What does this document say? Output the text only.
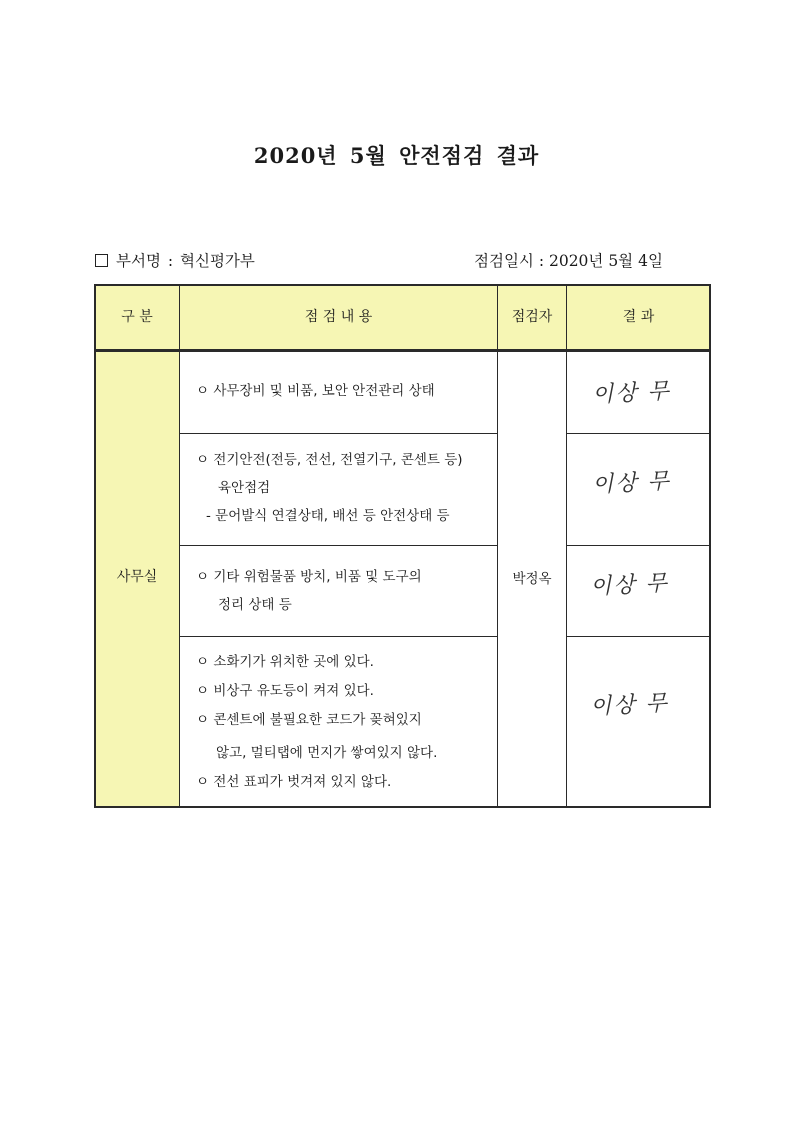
2020년 5월 안전점검 결과
부서명 : 혁신평가부	점검일시 : 2020년 5월 4일
구 분	점 검 내 용	점검자	결 과
사무실	박정옥
ㅇ 사무장비 및 비품, 보안 안전관리 상태	이상 무
ㅇ 전기안전(전등, 전선, 전열기구, 콘센트 등)
육안점검
- 문어발식 연결상태, 배선 등 안전상태 등
이상 무
ㅇ 기타 위험물품 방치, 비품 및 도구의
정리 상태 등
이상 무
ㅇ 소화기가 위치한 곳에 있다.
ㅇ 비상구 유도등이 켜져 있다.
ㅇ 콘센트에 불필요한 코드가 꽂혀있지
않고, 멀티탭에 먼지가 쌓여있지 않다.
ㅇ 전선 표피가 벗겨져 있지 않다.
이상 무
